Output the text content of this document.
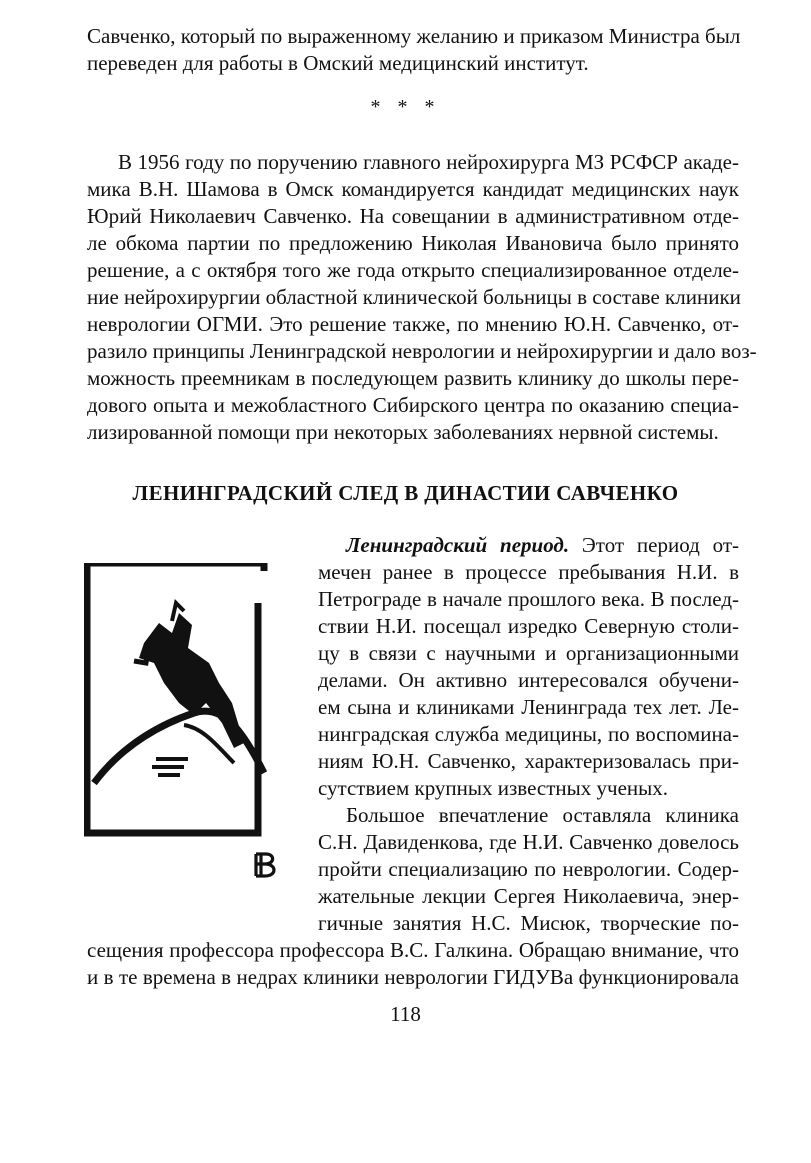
Савченко, который по выраженному желанию и приказом Министра был
переведен для работы в Омский медицинский институт.
* * *
В 1956 году по поручению главного нейрохирурга МЗ РСФСР акаде-
мика В.Н. Шамова в Омск командируется кандидат медицинских наук
Юрий Николаевич Савченко. На совещании в административном отде-
ле обкома партии по предложению Николая Ивановича было принято
решение, а с октября того же года открыто специализированное отделе-
ние нейрохирургии областной клинической больницы в составе клиники
неврологии ОГМИ. Это решение также, по мнению Ю.Н. Савченко, от-
разило принципы Ленинградской неврологии и нейрохирургии и дало воз-
можность преемникам в последующем развить клинику до школы пере-
дового опыта и межобластного Сибирского центра по оказанию специа-
лизированной помощи при некоторых заболеваниях нервной системы.
ЛЕНИНГРАДСКИЙ СЛЕД В ДИНАСТИИ САВЧЕНКО
Ленинградский период. Этот период от-
мечен ранее в процессе пребывания Н.И. в
Петрограде в начале прошлого века. В послед-
ствии Н.И. посещал изредко Северную столи-
цу в связи с научными и организационными
делами. Он активно интересовался обучени-
ем сына и клиниками Ленинграда тех лет. Ле-
нинградская служба медицины, по воспомина-
ниям Ю.Н. Савченко, характеризовалась при-
сутствием крупных известных ученых.
Большое впечатление оставляла клиника
С.Н. Давиденкова, где Н.И. Савченко довелось
пройти специализацию по неврологии. Содер-
жательные лекции Сергея Николаевича, энер-
гичные занятия Н.С. Мисюк, творческие по-
сещения профессора профессора В.С. Галкина. Обращаю внимание, что
и в те времена в недрах клиники неврологии ГИДУВа функционировала
118
